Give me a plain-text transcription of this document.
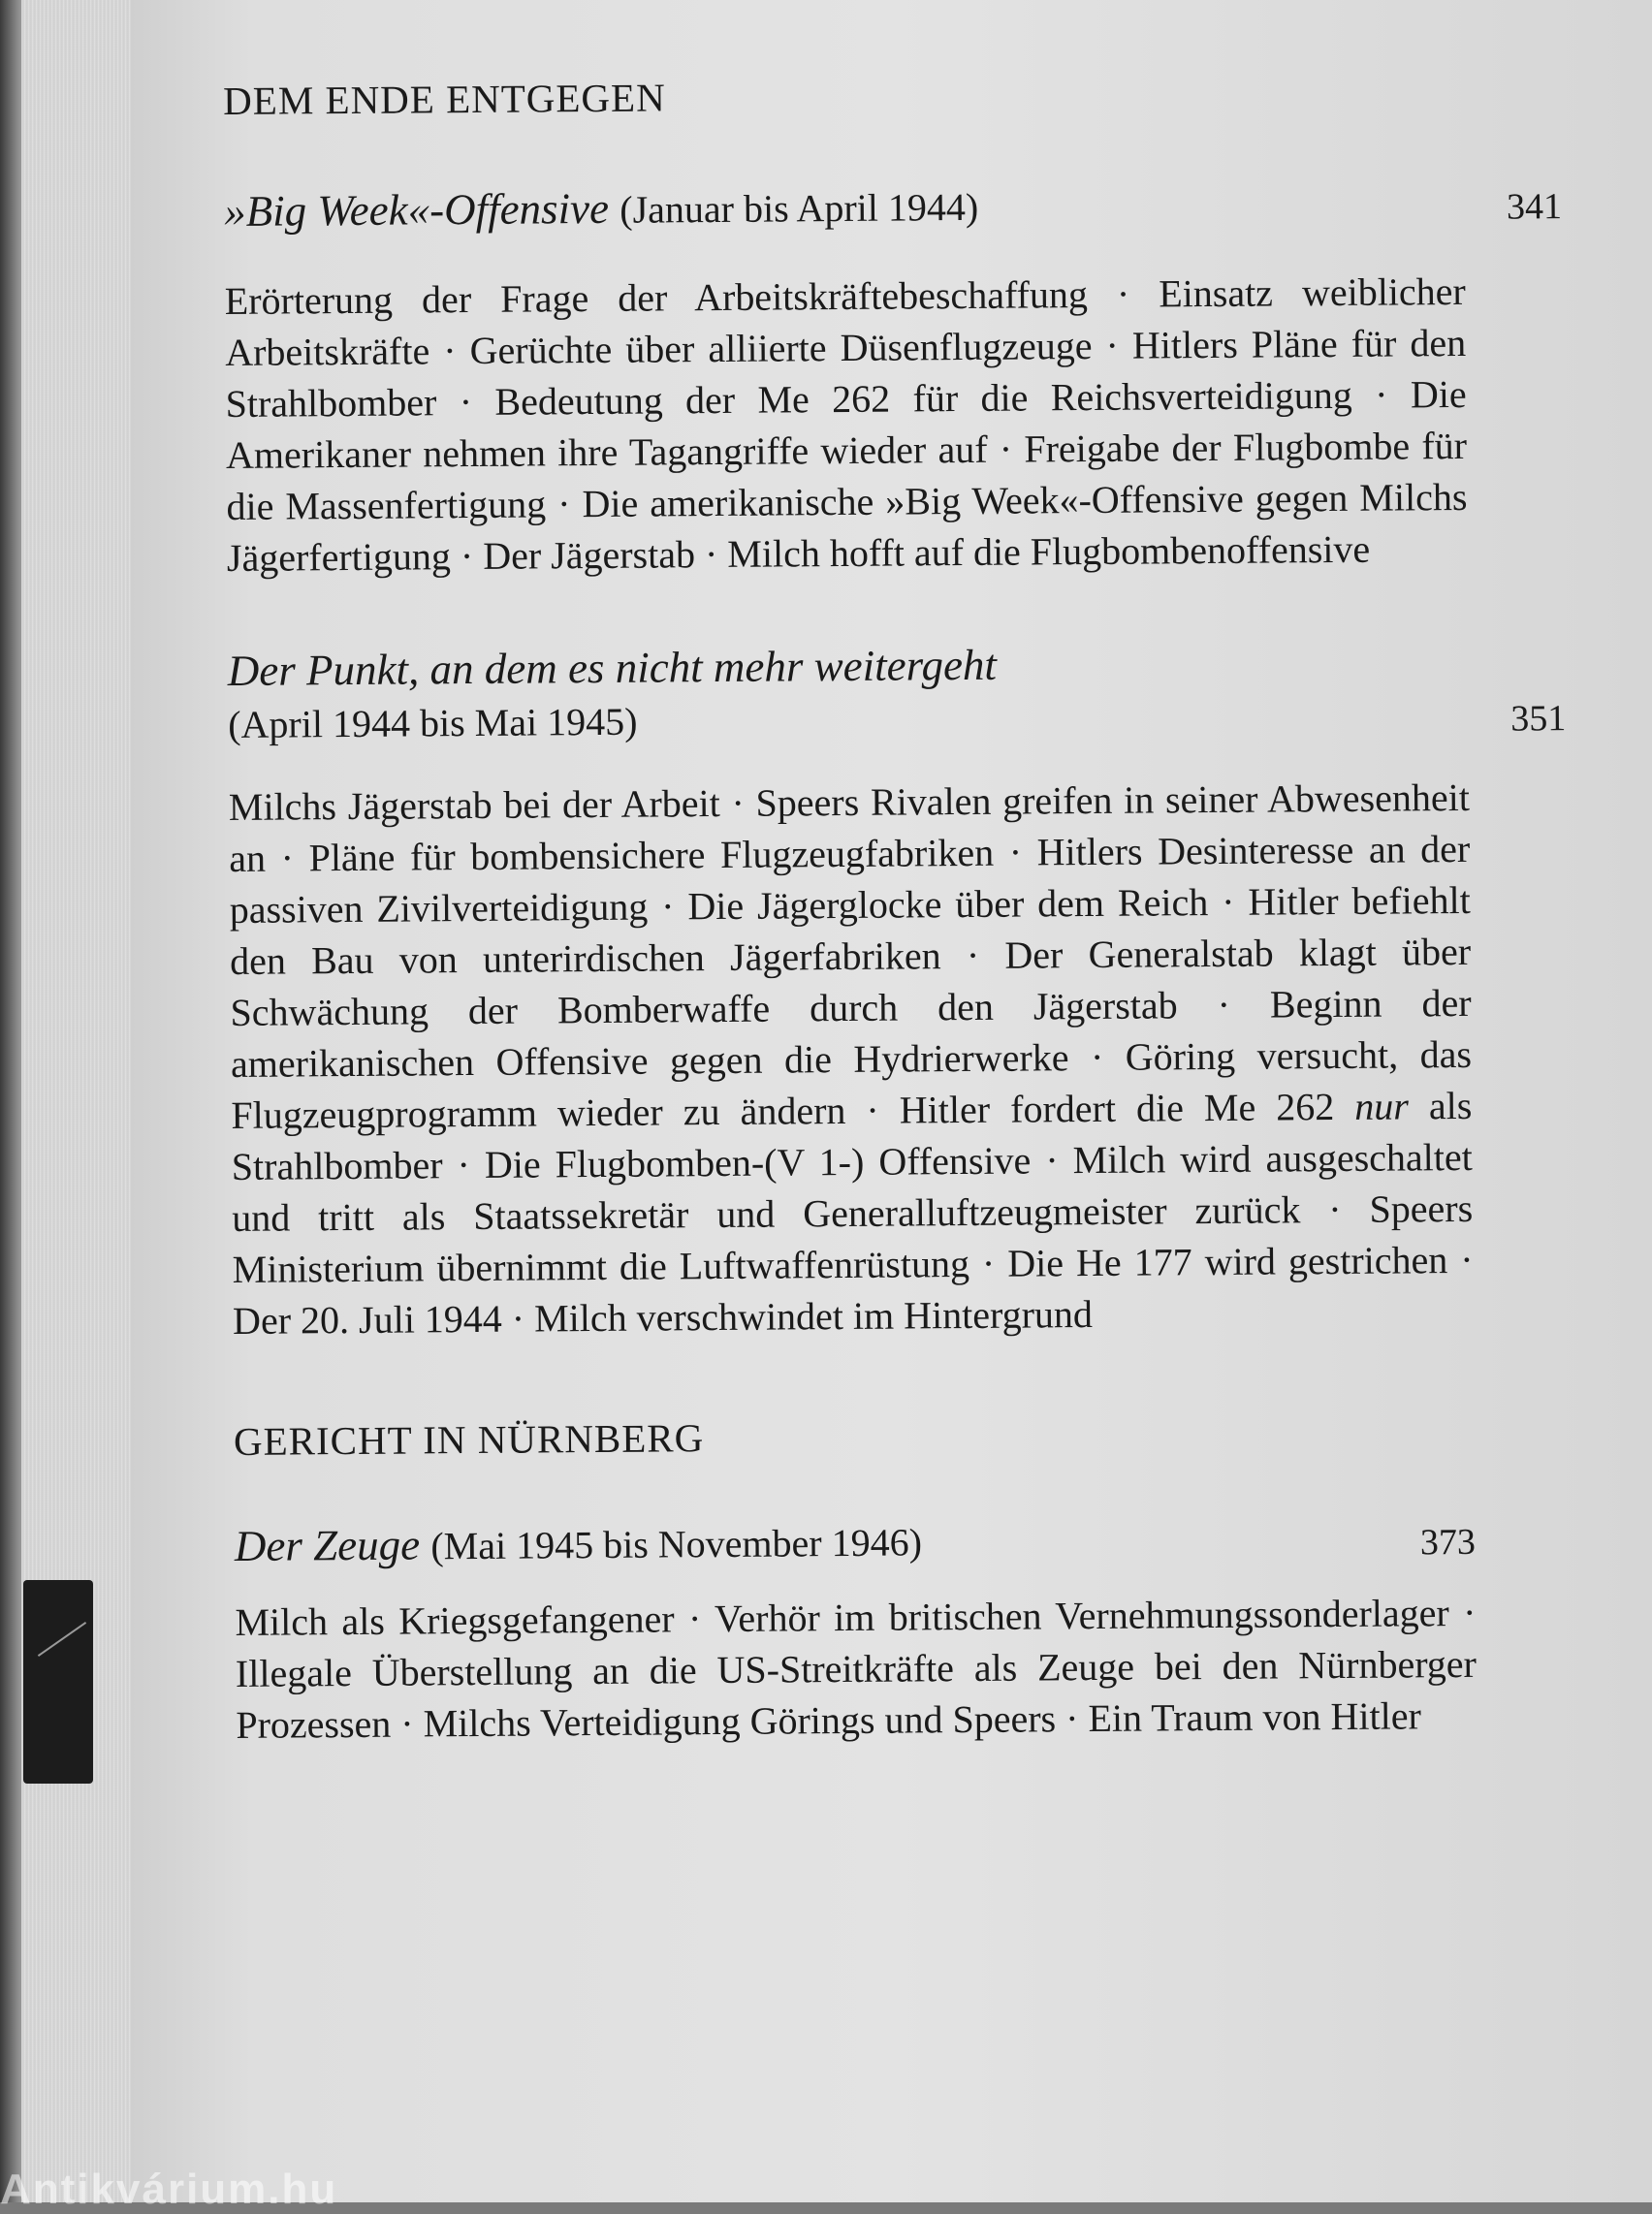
DEM ENDE ENTGEGEN
»Big Week«-Offensive (Januar bis April 1944)	341
Erörterung der Frage der Arbeitskräftebeschaffung · Einsatz weiblicher Arbeitskräfte · Gerüchte über alliierte Düsenflugzeuge · Hitlers Pläne für den Strahlbomber · Bedeutung der Me 262 für die Reichsverteidigung · Die Amerikaner nehmen ihre Tagangriffe wieder auf · Freigabe der Flugbombe für die Massenfertigung · Die amerikanische »Big Week«-Offensive gegen Milchs Jägerfertigung · Der Jägerstab · Milch hofft auf die Flugbombenoffensive
Der Punkt, an dem es nicht mehr weitergeht
(April 1944 bis Mai 1945)	351
Milchs Jägerstab bei der Arbeit · Speers Rivalen greifen in seiner Abwesenheit an · Pläne für bombensichere Flugzeugfabriken · Hitlers Desinteresse an der passiven Zivilverteidigung · Die Jägerglocke über dem Reich · Hitler befiehlt den Bau von unterirdischen Jägerfabriken · Der Generalstab klagt über Schwächung der Bomberwaffe durch den Jägerstab · Beginn der amerikanischen Offensive gegen die Hydrierwerke · Göring versucht, das Flugzeugprogramm wieder zu ändern · Hitler fordert die Me 262 nur als Strahlbomber · Die Flugbomben-(V 1-) Offensive · Milch wird ausgeschaltet und tritt als Staatssekretär und Generalluftzeugmeister zurück · Speers Ministerium übernimmt die Luftwaffenrüstung · Die He 177 wird gestrichen · Der 20. Juli 1944 · Milch verschwindet im Hintergrund
GERICHT IN NÜRNBERG
Der Zeuge (Mai 1945 bis November 1946)	373
Milch als Kriegsgefangener · Verhör im britischen Vernehmungssonderlager · Illegale Überstellung an die US-Streitkräfte als Zeuge bei den Nürnberger Prozessen · Milchs Verteidigung Görings und Speers · Ein Traum von Hitler
Antikvárium.hu
